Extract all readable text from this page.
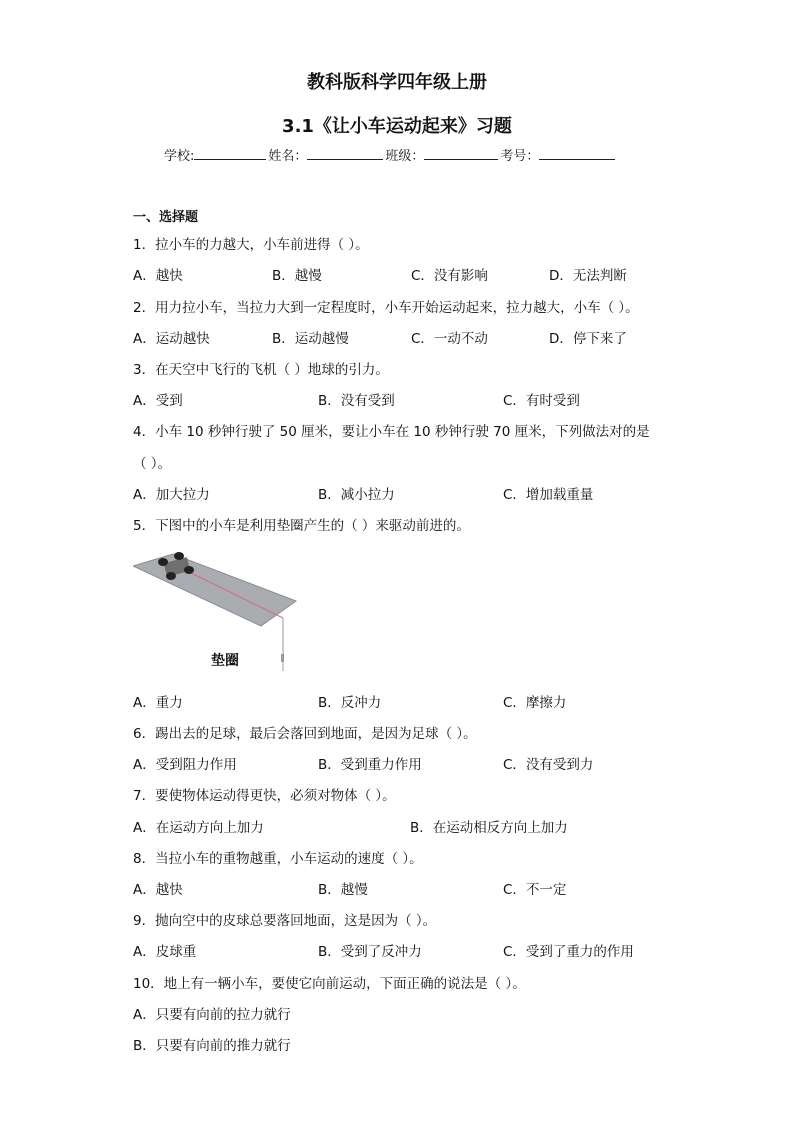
教科版科学四年级上册
3.1《让小车运动起来》习题
学校:	姓名：	班级：	考号：
一、选择题
1．拉小车的力越大，小车前进得（ ）。
A．越快	B．越慢	C．没有影响	D．无法判断
2．用力拉小车，当拉力大到一定程度时，小车开始运动起来，拉力越大，小车（ ）。
A．运动越快	B．运动越慢	C．一动不动	D．停下来了
3．在天空中飞行的飞机（ ）地球的引力。
A．受到	B．没有受到	C．有时受到
4．小车 10 秒钟行驶了 50 厘米，要让小车在 10 秒钟行驶 70 厘米，下列做法对的是
（ ）。
A．加大拉力	B．减小拉力	C．增加载重量
5．下图中的小车是利用垫圈产生的（ ）来驱动前进的。
垫圈
A．重力	B．反冲力	C．摩擦力
6．踢出去的足球，最后会落回到地面，是因为足球（ ）。
A．受到阻力作用	B．受到重力作用	C．没有受到力
7．要使物体运动得更快，必须对物体（ ）。
A．在运动方向上加力	B．在运动相反方向上加力
8．当拉小车的重物越重，小车运动的速度（ ）。
A．越快	B．越慢	C．不一定
9．抛向空中的皮球总要落回地面，这是因为（ ）。
A．皮球重	B．受到了反冲力	C．受到了重力的作用
10．地上有一辆小车，要使它向前运动，下面正确的说法是（ ）。
A．只要有向前的拉力就行
B．只要有向前的推力就行
